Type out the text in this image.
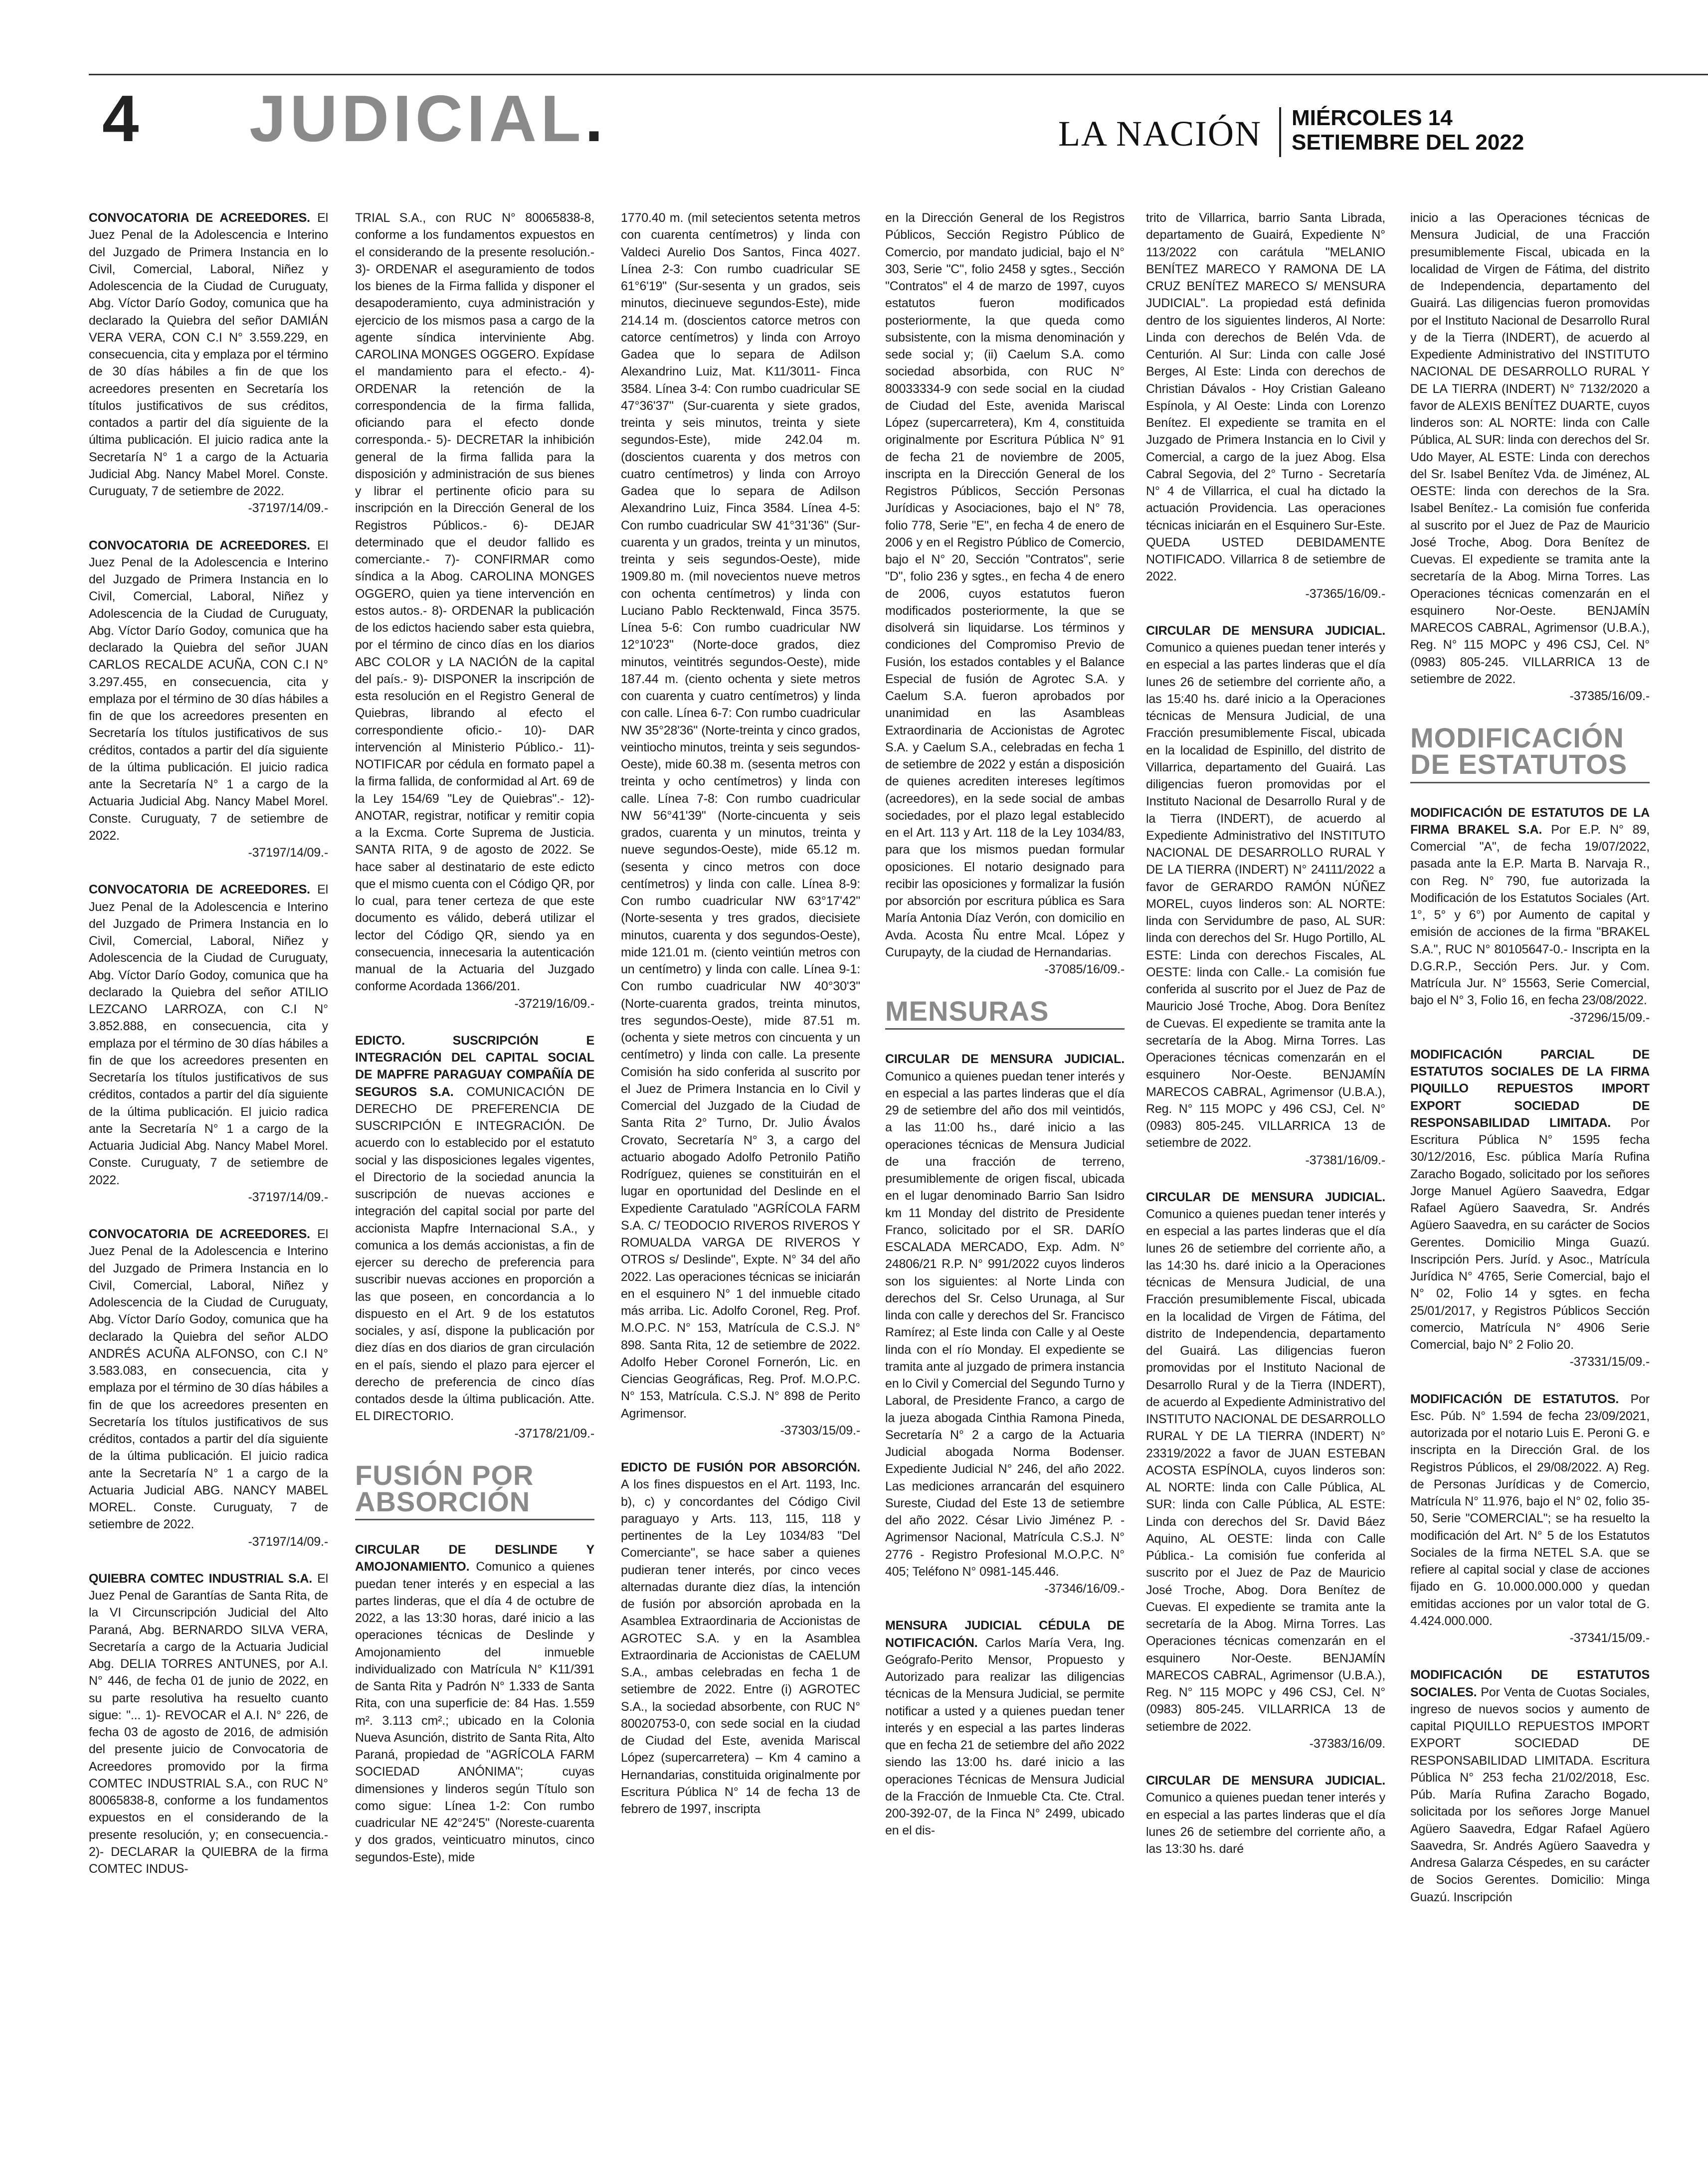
4 JUDICIAL.	LA NACIÓN MIÉRCOLES 14
SETIEMBRE DEL 2022

CONVOCATORIA DE ACREEDORES. El Juez Penal de la Adolescencia e Interino del Juzgado de Primera Instancia en lo Civil, Comercial, Laboral, Niñez y Adolescencia de la Ciudad de Curuguaty, Abg. Víctor Darío Godoy, comunica que ha declarado la Quiebra del señor DAMIÁN VERA VERA, CON C.I N° 3.559.229, en consecuencia, cita y emplaza por el término de 30 días hábiles a fin de que los acreedores presenten en Secretaría los títulos justificativos de sus créditos, contados a partir del día siguiente de la última publicación. El juicio radica ante la Secretaría N° 1 a cargo de la Actuaria Judicial Abg. Nancy Mabel Morel. Conste. Curuguaty, 7 de setiembre de 2022.
-37197/14/09.-

CONVOCATORIA DE ACREEDORES. El Juez Penal de la Adolescencia e Interino del Juzgado de Primera Instancia en lo Civil, Comercial, Laboral, Niñez y Adolescencia de la Ciudad de Curuguaty, Abg. Víctor Darío Godoy, comunica que ha declarado la Quiebra del señor JUAN CARLOS RECALDE ACUÑA, CON C.I N° 3.297.455, en consecuencia, cita y emplaza por el término de 30 días hábiles a fin de que los acreedores presenten en Secretaría los títulos justificativos de sus créditos, contados a partir del día siguiente de la última publicación. El juicio radica ante la Secretaría N° 1 a cargo de la Actuaria Judicial Abg. Nancy Mabel Morel. Conste. Curuguaty, 7 de setiembre de 2022.
-37197/14/09.-

CONVOCATORIA DE ACREEDORES. El Juez Penal de la Adolescencia e Interino del Juzgado de Primera Instancia en lo Civil, Comercial, Laboral, Niñez y Adolescencia de la Ciudad de Curuguaty, Abg. Víctor Darío Godoy, comunica que ha declarado la Quiebra del señor ATILIO LEZCANO LARROZA, con C.I N° 3.852.888, en consecuencia, cita y emplaza por el término de 30 días hábiles a fin de que los acreedores presenten en Secretaría los títulos justificativos de sus créditos, contados a partir del día siguiente de la última publicación. El juicio radica ante la Secretaría N° 1 a cargo de la Actuaria Judicial Abg. Nancy Mabel Morel. Conste. Curuguaty, 7 de setiembre de 2022.
-37197/14/09.-

CONVOCATORIA DE ACREEDORES. El Juez Penal de la Adolescencia e Interino del Juzgado de Primera Instancia en lo Civil, Comercial, Laboral, Niñez y Adolescencia de la Ciudad de Curuguaty, Abg. Víctor Darío Godoy, comunica que ha declarado la Quiebra del señor ALDO ANDRÉS ACUÑA ALFONSO, con C.I N° 3.583.083, en consecuencia, cita y emplaza por el término de 30 días hábiles a fin de que los acreedores presenten en Secretaría los títulos justificativos de sus créditos, contados a partir del día siguiente de la última publicación. El juicio radica ante la Secretaría N° 1 a cargo de la Actuaria Judicial ABG. NANCY MABEL MOREL. Conste. Curuguaty, 7 de setiembre de 2022.
-37197/14/09.-

QUIEBRA COMTEC INDUSTRIAL S.A. El Juez Penal de Garantías de Santa Rita, de la VI Circunscripción Judicial del Alto Paraná, Abg. BERNARDO SILVA VERA, Secretaría a cargo de la Actuaria Judicial Abg. DELIA TORRES ANTUNES, por A.I. N° 446, de fecha 01 de junio de 2022, en su parte resolutiva ha resuelto cuanto sigue: "... 1)- REVOCAR el A.I. N° 226, de fecha 03 de agosto de 2016, de admisión del presente juicio de Convocatoria de Acreedores promovido por la firma COMTEC INDUSTRIAL S.A., con RUC N° 80065838-8, conforme a los fundamentos expuestos en el considerando de la presente resolución, y; en consecuencia.- 2)- DECLARAR la QUIEBRA de la firma COMTEC INDUS-

TRIAL S.A., con RUC N° 80065838-8, conforme a los fundamentos expuestos en el considerando de la presente resolución.- 3)- ORDENAR el aseguramiento de todos los bienes de la Firma fallida y disponer el desapoderamiento, cuya administración y ejercicio de los mismos pasa a cargo de la agente síndica interviniente Abg. CAROLINA MONGES OGGERO. Expídase el mandamiento para el efecto.- 4)- ORDENAR la retención de la correspondencia de la firma fallida, oficiando para el efecto donde corresponda.- 5)- DECRETAR la inhibición general de la firma fallida para la disposición y administración de sus bienes y librar el pertinente oficio para su inscripción en la Dirección General de los Registros Públicos.- 6)- DEJAR determinado que el deudor fallido es comerciante.- 7)- CONFIRMAR como síndica a la Abog. CAROLINA MONGES OGGERO, quien ya tiene intervención en estos autos.- 8)- ORDENAR la publicación de los edictos haciendo saber esta quiebra, por el término de cinco días en los diarios ABC COLOR y LA NACIÓN de la capital del país.- 9)- DISPONER la inscripción de esta resolución en el Registro General de Quiebras, librando al efecto el correspondiente oficio.- 10)- DAR intervención al Ministerio Público.- 11)- NOTIFICAR por cédula en formato papel a la firma fallida, de conformidad al Art. 69 de la Ley 154/69 "Ley de Quiebras".- 12)- ANOTAR, registrar, notificar y remitir copia a la Excma. Corte Suprema de Justicia. SANTA RITA, 9 de agosto de 2022. Se hace saber al destinatario de este edicto que el mismo cuenta con el Código QR, por lo cual, para tener certeza de que este documento es válido, deberá utilizar el lector del Código QR, siendo ya en consecuencia, innecesaria la autenticación manual de la Actuaria del Juzgado conforme Acordada 1366/201.
-37219/16/09.-

EDICTO. SUSCRIPCIÓN E INTEGRACIÓN DEL CAPITAL SOCIAL DE MAPFRE PARAGUAY COMPAÑÍA DE SEGUROS S.A. COMUNICACIÓN DE DERECHO DE PREFERENCIA DE SUSCRIPCIÓN E INTEGRACIÓN. De acuerdo con lo establecido por el estatuto social y las disposiciones legales vigentes, el Directorio de la sociedad anuncia la suscripción de nuevas acciones e integración del capital social por parte del accionista Mapfre Internacional S.A., y comunica a los demás accionistas, a fin de ejercer su derecho de preferencia para suscribir nuevas acciones en proporción a las que poseen, en concordancia a lo dispuesto en el Art. 9 de los estatutos sociales, y así, dispone la publicación por diez días en dos diarios de gran circulación en el país, siendo el plazo para ejercer el derecho de preferencia de cinco días contados desde la última publicación. Atte. EL DIRECTORIO.
-37178/21/09.-

FUSIÓN POR ABSORCIÓN

CIRCULAR DE DESLINDE Y AMOJONAMIENTO. Comunico a quienes puedan tener interés y en especial a las partes linderas, que el día 4 de octubre de 2022, a las 13:30 horas, daré inicio a las operaciones técnicas de Deslinde y Amojonamiento del inmueble individualizado con Matrícula N° K11/391 de Santa Rita y Padrón N° 1.333 de Santa Rita, con una superficie de: 84 Has. 1.559 m². 3.113 cm².; ubicado en la Colonia Nueva Asunción, distrito de Santa Rita, Alto Paraná, propiedad de "AGRÍCOLA FARM SOCIEDAD ANÓNIMA"; cuyas dimensiones y linderos según Título son como sigue: Línea 1-2: Con rumbo cuadricular NE 42°24'5" (Noreste-cuarenta y dos grados, veinticuatro minutos, cinco segundos-Este), mide

1770.40 m. (mil setecientos setenta metros con cuarenta centímetros) y linda con Valdeci Aurelio Dos Santos, Finca 4027. Línea 2-3: Con rumbo cuadricular SE 61°6'19" (Sur-sesenta y un grados, seis minutos, diecinueve segundos-Este), mide 214.14 m. (doscientos catorce metros con catorce centímetros) y linda con Arroyo Gadea que lo separa de Adilson Alexandrino Luiz, Mat. K11/3011- Finca 3584. Línea 3-4: Con rumbo cuadricular SE 47°36'37" (Sur-cuarenta y siete grados, treinta y seis minutos, treinta y siete segundos-Este), mide 242.04 m. (doscientos cuarenta y dos metros con cuatro centímetros) y linda con Arroyo Gadea que lo separa de Adilson Alexandrino Luiz, Finca 3584. Línea 4-5: Con rumbo cuadricular SW 41°31'36" (Sur-cuarenta y un grados, treinta y un minutos, treinta y seis segundos-Oeste), mide 1909.80 m. (mil novecientos nueve metros con ochenta centímetros) y linda con Luciano Pablo Recktenwald, Finca 3575. Línea 5-6: Con rumbo cuadricular NW 12°10'23" (Norte-doce grados, diez minutos, veintitrés segundos-Oeste), mide 187.44 m. (ciento ochenta y siete metros con cuarenta y cuatro centímetros) y linda con calle. Línea 6-7: Con rumbo cuadricular NW 35°28'36" (Norte-treinta y cinco grados, veintiocho minutos, treinta y seis segundos-Oeste), mide 60.38 m. (sesenta metros con treinta y ocho centímetros) y linda con calle. Línea 7-8: Con rumbo cuadricular NW 56°41'39" (Norte-cincuenta y seis grados, cuarenta y un minutos, treinta y nueve segundos-Oeste), mide 65.12 m. (sesenta y cinco metros con doce centímetros) y linda con calle. Línea 8-9: Con rumbo cuadricular NW 63°17'42" (Norte-sesenta y tres grados, diecisiete minutos, cuarenta y dos segundos-Oeste), mide 121.01 m. (ciento veintiún metros con un centímetro) y linda con calle. Línea 9-1: Con rumbo cuadricular NW 40°30'3" (Norte-cuarenta grados, treinta minutos, tres segundos-Oeste), mide 87.51 m. (ochenta y siete metros con cincuenta y un centímetro) y linda con calle. La presente Comisión ha sido conferida al suscrito por el Juez de Primera Instancia en lo Civil y Comercial del Juzgado de la Ciudad de Santa Rita 2° Turno, Dr. Julio Ávalos Crovato, Secretaría N° 3, a cargo del actuario abogado Adolfo Petronilo Patiño Rodríguez, quienes se constituirán en el lugar en oportunidad del Deslinde en el Expediente Caratulado "AGRÍCOLA FARM S.A. C/ TEODOCIO RIVEROS RIVEROS Y ROMUALDA VARGA DE RIVEROS Y OTROS s/ Deslinde", Expte. N° 34 del año 2022. Las operaciones técnicas se iniciarán en el esquinero N° 1 del inmueble citado más arriba. Lic. Adolfo Coronel, Reg. Prof. M.O.P.C. N° 153, Matrícula de C.S.J. N° 898. Santa Rita, 12 de setiembre de 2022. Adolfo Heber Coronel Fornerón, Lic. en Ciencias Geográficas, Reg. Prof. M.O.P.C. N° 153, Matrícula. C.S.J. N° 898 de Perito Agrimensor.
-37303/15/09.-

EDICTO DE FUSIÓN POR ABSORCIÓN. A los fines dispuestos en el Art. 1193, Inc. b), c) y concordantes del Código Civil paraguayo y Arts. 113, 115, 118 y pertinentes de la Ley 1034/83 "Del Comerciante", se hace saber a quienes pudieran tener interés, por cinco veces alternadas durante diez días, la intención de fusión por absorción aprobada en la Asamblea Extraordinaria de Accionistas de AGROTEC S.A. y en la Asamblea Extraordinaria de Accionistas de CAELUM S.A., ambas celebradas en fecha 1 de setiembre de 2022. Entre (i) AGROTEC S.A., la sociedad absorbente, con RUC N° 80020753-0, con sede social en la ciudad de Ciudad del Este, avenida Mariscal López (supercarretera) – Km 4 camino a Hernandarias, constituida originalmente por Escritura Pública N° 14 de fecha 13 de febrero de 1997, inscripta

en la Dirección General de los Registros Públicos, Sección Registro Público de Comercio, por mandato judicial, bajo el N° 303, Serie "C", folio 2458 y sgtes., Sección "Contratos" el 4 de marzo de 1997, cuyos estatutos fueron modificados posteriormente, la que queda como subsistente, con la misma denominación y sede social y; (ii) Caelum S.A. como sociedad absorbida, con RUC N° 80033334-9 con sede social en la ciudad de Ciudad del Este, avenida Mariscal López (supercarretera), Km 4, constituida originalmente por Escritura Pública N° 91 de fecha 21 de noviembre de 2005, inscripta en la Dirección General de los Registros Públicos, Sección Personas Jurídicas y Asociaciones, bajo el N° 78, folio 778, Serie "E", en fecha 4 de enero de 2006 y en el Registro Público de Comercio, bajo el N° 20, Sección "Contratos", serie "D", folio 236 y sgtes., en fecha 4 de enero de 2006, cuyos estatutos fueron modificados posteriormente, la que se disolverá sin liquidarse. Los términos y condiciones del Compromiso Previo de Fusión, los estados contables y el Balance Especial de fusión de Agrotec S.A. y Caelum S.A. fueron aprobados por unanimidad en las Asambleas Extraordinaria de Accionistas de Agrotec S.A. y Caelum S.A., celebradas en fecha 1 de setiembre de 2022 y están a disposición de quienes acrediten intereses legítimos (acreedores), en la sede social de ambas sociedades, por el plazo legal establecido en el Art. 113 y Art. 118 de la Ley 1034/83, para que los mismos puedan formular oposiciones. El notario designado para recibir las oposiciones y formalizar la fusión por absorción por escritura pública es Sara María Antonia Díaz Verón, con domicilio en Avda. Acosta Ñu entre Mcal. López y Curupayty, de la ciudad de Hernandarias.
-37085/16/09.-

MENSURAS

CIRCULAR DE MENSURA JUDICIAL. Comunico a quienes puedan tener interés y en especial a las partes linderas que el día 29 de setiembre del año dos mil veintidós, a las 11:00 hs., daré inicio a las operaciones técnicas de Mensura Judicial de una fracción de terreno, presumiblemente de origen fiscal, ubicada en el lugar denominado Barrio San Isidro km 11 Monday del distrito de Presidente Franco, solicitado por el SR. DARÍO ESCALADA MERCADO, Exp. Adm. N° 24806/21 R.P. N° 991/2022 cuyos linderos son los siguientes: al Norte Linda con derechos del Sr. Celso Urunaga, al Sur linda con calle y derechos del Sr. Francisco Ramírez; al Este linda con Calle y al Oeste linda con el río Monday. El expediente se tramita ante al juzgado de primera instancia en lo Civil y Comercial del Segundo Turno y Laboral, de Presidente Franco, a cargo de la jueza abogada Cinthia Ramona Pineda, Secretaría N° 2 a cargo de la Actuaria Judicial abogada Norma Bodenser. Expediente Judicial N° 246, del año 2022. Las mediciones arrancarán del esquinero Sureste, Ciudad del Este 13 de setiembre del año 2022. César Livio Jiménez P. - Agrimensor Nacional, Matrícula C.S.J. N° 2776 - Registro Profesional M.O.P.C. N° 405; Teléfono N° 0981-145.446.
-37346/16/09.-

MENSURA JUDICIAL CÉDULA DE NOTIFICACIÓN. Carlos María Vera, Ing. Geógrafo-Perito Mensor, Propuesto y Autorizado para realizar las diligencias técnicas de la Mensura Judicial, se permite notificar a usted y a quienes puedan tener interés y en especial a las partes linderas que en fecha 21 de setiembre del año 2022 siendo las 13:00 hs. daré inicio a las operaciones Técnicas de Mensura Judicial de la Fracción de Inmueble Cta. Cte. Ctral. 200-392-07, de la Finca N° 2499, ubicado en el dis-

trito de Villarrica, barrio Santa Librada, departamento de Guairá, Expediente N° 113/2022 con carátula "MELANIO BENÍTEZ MARECO Y RAMONA DE LA CRUZ BENÍTEZ MARECO S/ MENSURA JUDICIAL". La propiedad está definida dentro de los siguientes linderos, Al Norte: Linda con derechos de Belén Vda. de Centurión. Al Sur: Linda con calle José Berges, Al Este: Linda con derechos de Christian Dávalos - Hoy Cristian Galeano Espínola, y Al Oeste: Linda con Lorenzo Benítez. El expediente se tramita en el Juzgado de Primera Instancia en lo Civil y Comercial, a cargo de la juez Abog. Elsa Cabral Segovia, del 2° Turno - Secretaría N° 4 de Villarrica, el cual ha dictado la actuación Providencia. Las operaciones técnicas iniciarán en el Esquinero Sur-Este. QUEDA USTED DEBIDAMENTE NOTIFICADO. Villarrica 8 de setiembre de 2022.
-37365/16/09.-

CIRCULAR DE MENSURA JUDICIAL. Comunico a quienes puedan tener interés y en especial a las partes linderas que el día lunes 26 de setiembre del corriente año, a las 15:40 hs. daré inicio a la Operaciones técnicas de Mensura Judicial, de una Fracción presumiblemente Fiscal, ubicada en la localidad de Espinillo, del distrito de Villarrica, departamento del Guairá. Las diligencias fueron promovidas por el Instituto Nacional de Desarrollo Rural y de la Tierra (INDERT), de acuerdo al Expediente Administrativo del INSTITUTO NACIONAL DE DESARROLLO RURAL Y DE LA TIERRA (INDERT) N° 24111/2022 a favor de GERARDO RAMÓN NÚÑEZ MOREL, cuyos linderos son: AL NORTE: linda con Servidumbre de paso, AL SUR: linda con derechos del Sr. Hugo Portillo, AL ESTE: Linda con derechos Fiscales, AL OESTE: linda con Calle.- La comisión fue conferida al suscrito por el Juez de Paz de Mauricio José Troche, Abog. Dora Benítez de Cuevas. El expediente se tramita ante la secretaría de la Abog. Mirna Torres. Las Operaciones técnicas comenzarán en el esquinero Nor-Oeste. BENJAMÍN MARECOS CABRAL, Agrimensor (U.B.A.), Reg. N° 115 MOPC y 496 CSJ, Cel. N° (0983) 805-245. VILLARRICA 13 de setiembre de 2022.
-37381/16/09.-

CIRCULAR DE MENSURA JUDICIAL. Comunico a quienes puedan tener interés y en especial a las partes linderas que el día lunes 26 de setiembre del corriente año, a las 14:30 hs. daré inicio a la Operaciones técnicas de Mensura Judicial, de una Fracción presumiblemente Fiscal, ubicada en la localidad de Virgen de Fátima, del distrito de Independencia, departamento del Guairá. Las diligencias fueron promovidas por el Instituto Nacional de Desarrollo Rural y de la Tierra (INDERT), de acuerdo al Expediente Administrativo del INSTITUTO NACIONAL DE DESARROLLO RURAL Y DE LA TIERRA (INDERT) N° 23319/2022 a favor de JUAN ESTEBAN ACOSTA ESPÍNOLA, cuyos linderos son: AL NORTE: linda con Calle Pública, AL SUR: linda con Calle Pública, AL ESTE: Linda con derechos del Sr. David Báez Aquino, AL OESTE: linda con Calle Pública.- La comisión fue conferida al suscrito por el Juez de Paz de Mauricio José Troche, Abog. Dora Benítez de Cuevas. El expediente se tramita ante la secretaría de la Abog. Mirna Torres. Las Operaciones técnicas comenzarán en el esquinero Nor-Oeste. BENJAMÍN MARECOS CABRAL, Agrimensor (U.B.A.), Reg. N° 115 MOPC y 496 CSJ, Cel. N° (0983) 805-245. VILLARRICA 13 de setiembre de 2022.
-37383/16/09.

CIRCULAR DE MENSURA JUDICIAL. Comunico a quienes puedan tener interés y en especial a las partes linderas que el día lunes 26 de setiembre del corriente año, a las 13:30 hs. daré

inicio a las Operaciones técnicas de Mensura Judicial, de una Fracción presumiblemente Fiscal, ubicada en la localidad de Virgen de Fátima, del distrito de Independencia, departamento del Guairá. Las diligencias fueron promovidas por el Instituto Nacional de Desarrollo Rural y de la Tierra (INDERT), de acuerdo al Expediente Administrativo del INSTITUTO NACIONAL DE DESARROLLO RURAL Y DE LA TIERRA (INDERT) N° 7132/2020 a favor de ALEXIS BENÍTEZ DUARTE, cuyos linderos son: AL NORTE: linda con Calle Pública, AL SUR: linda con derechos del Sr. Udo Mayer, AL ESTE: Linda con derechos del Sr. Isabel Benítez Vda. de Jiménez, AL OESTE: linda con derechos de la Sra. Isabel Benítez.- La comisión fue conferida al suscrito por el Juez de Paz de Mauricio José Troche, Abog. Dora Benítez de Cuevas. El expediente se tramita ante la secretaría de la Abog. Mirna Torres. Las Operaciones técnicas comenzarán en el esquinero Nor-Oeste. BENJAMÍN MARECOS CABRAL, Agrimensor (U.B.A.), Reg. N° 115 MOPC y 496 CSJ, Cel. N° (0983) 805-245. VILLARRICA 13 de setiembre de 2022.
-37385/16/09.-

MODIFICACIÓN DE ESTATUTOS

MODIFICACIÓN DE ESTATUTOS DE LA FIRMA BRAKEL S.A. Por E.P. N° 89, Comercial "A", de fecha 19/07/2022, pasada ante la E.P. Marta B. Narvaja R., con Reg. N° 790, fue autorizada la Modificación de los Estatutos Sociales (Art. 1°, 5° y 6°) por Aumento de capital y emisión de acciones de la firma "BRAKEL S.A.", RUC N° 80105647-0.- Inscripta en la D.G.R.P., Sección Pers. Jur. y Com. Matrícula Jur. N° 15563, Serie Comercial, bajo el N° 3, Folio 16, en fecha 23/08/2022.
-37296/15/09.-

MODIFICACIÓN PARCIAL DE ESTATUTOS SOCIALES DE LA FIRMA PIQUILLO REPUESTOS IMPORT EXPORT SOCIEDAD DE RESPONSABILIDAD LIMITADA. Por Escritura Pública N° 1595 fecha 30/12/2016, Esc. pública María Rufina Zaracho Bogado, solicitado por los señores Jorge Manuel Agüero Saavedra, Edgar Rafael Agüero Saavedra, Sr. Andrés Agüero Saavedra, en su carácter de Socios Gerentes. Domicilio Minga Guazú. Inscripción Pers. Juríd. y Asoc., Matrícula Jurídica N° 4765, Serie Comercial, bajo el N° 02, Folio 14 y sgtes. en fecha 25/01/2017, y Registros Públicos Sección comercio, Matrícula N° 4906 Serie Comercial, bajo N° 2 Folio 20.
-37331/15/09.-

MODIFICACIÓN DE ESTATUTOS. Por Esc. Púb. N° 1.594 de fecha 23/09/2021, autorizada por el notario Luis E. Peroni G. e inscripta en la Dirección Gral. de los Registros Públicos, el 29/08/2022. A) Reg. de Personas Jurídicas y de Comercio, Matrícula N° 11.976, bajo el N° 02, folio 35-50, Serie "COMERCIAL"; se ha resuelto la modificación del Art. N° 5 de los Estatutos Sociales de la firma NETEL S.A. que se refiere al capital social y clase de acciones fijado en G. 10.000.000.000 y quedan emitidas acciones por un valor total de G. 4.424.000.000.
-37341/15/09.-

MODIFICACIÓN DE ESTATUTOS SOCIALES. Por Venta de Cuotas Sociales, ingreso de nuevos socios y aumento de capital PIQUILLO REPUESTOS IMPORT EXPORT SOCIEDAD DE RESPONSABILIDAD LIMITADA. Escritura Pública N° 253 fecha 21/02/2018, Esc. Púb. María Rufina Zaracho Bogado, solicitada por los señores Jorge Manuel Agüero Saavedra, Edgar Rafael Agüero Saavedra, Sr. Andrés Agüero Saavedra y Andresa Galarza Céspedes, en su carácter de Socios Gerentes. Domicilio: Minga Guazú. Inscripción
